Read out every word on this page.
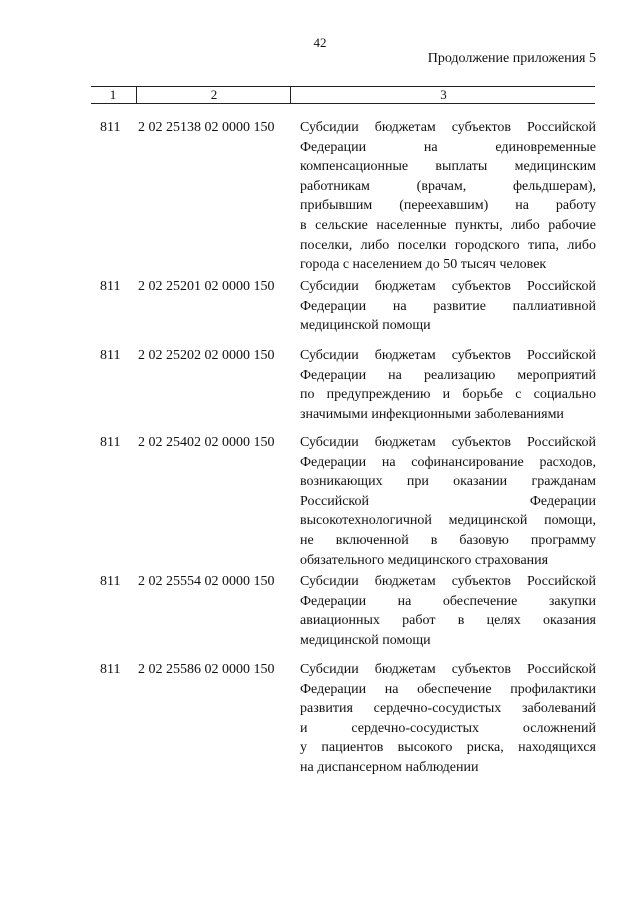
42
Продолжение приложения 5
1	2	3
811	2 02 25138 02 0000 150	Субсидии бюджетам субъектов Российской
Федерации на единовременные
компенсационные выплаты медицинским
работникам (врачам, фельдшерам),
прибывшим (переехавшим) на работу
в сельские населенные пункты, либо рабочие
поселки, либо поселки городского типа, либо
города с населением до 50 тысяч человек
811	2 02 25201 02 0000 150	Субсидии бюджетам субъектов Российской
Федерации на развитие паллиативной
медицинской помощи
811	2 02 25202 02 0000 150	Субсидии бюджетам субъектов Российской
Федерации на реализацию мероприятий
по предупреждению и борьбе с социально
значимыми инфекционными заболеваниями
811	2 02 25402 02 0000 150	Субсидии бюджетам субъектов Российской
Федерации на софинансирование расходов,
возникающих при оказании гражданам
Российской Федерации
высокотехнологичной медицинской помощи,
не включенной в базовую программу
обязательного медицинского страхования
811	2 02 25554 02 0000 150	Субсидии бюджетам субъектов Российской
Федерации на обеспечение закупки
авиационных работ в целях оказания
медицинской помощи
811	2 02 25586 02 0000 150	Субсидии бюджетам субъектов Российской
Федерации на обеспечение профилактики
развития сердечно-сосудистых заболеваний
и сердечно-сосудистых осложнений
у пациентов высокого риска, находящихся
на диспансерном наблюдении
